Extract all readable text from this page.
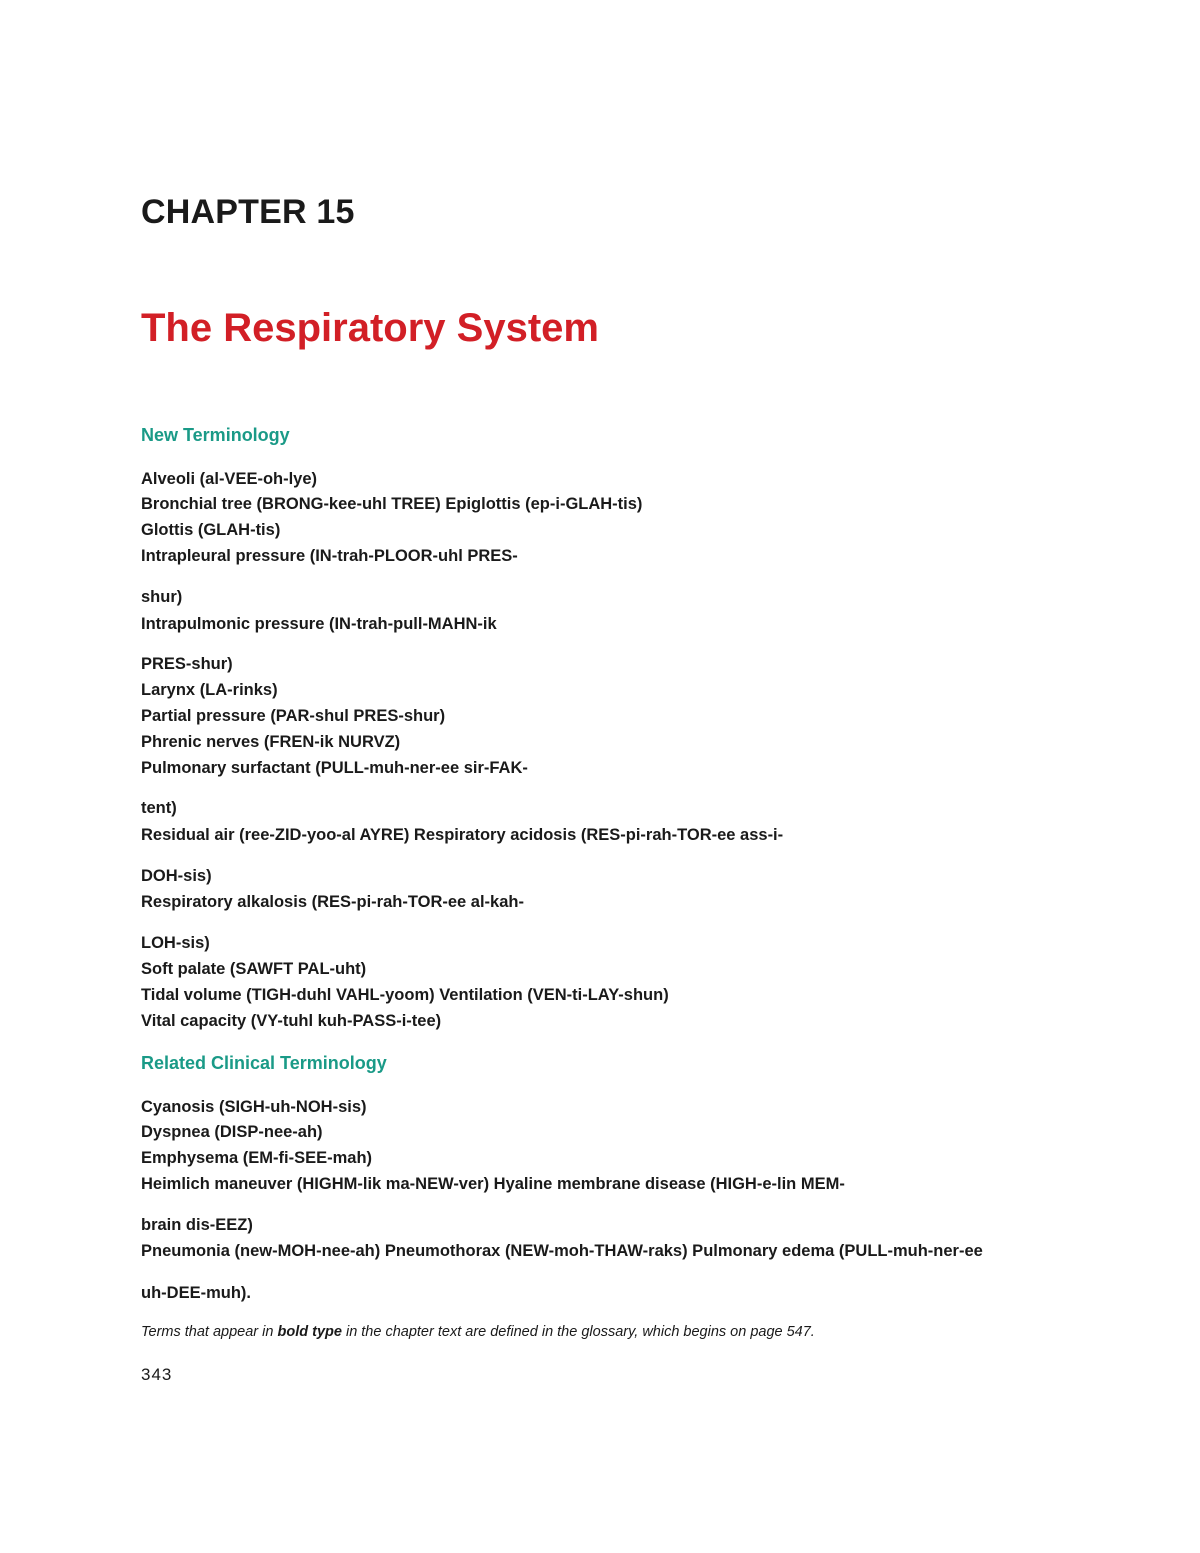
CHAPTER 15
The Respiratory System
New Terminology
Alveoli (al-VEE-oh-lye)
Bronchial tree (BRONG-kee-uhl TREE) Epiglottis (ep-i-GLAH-tis)
Glottis (GLAH-tis)
Intrapleural pressure (IN-trah-PLOOR-uhl PRES-
shur)
Intrapulmonic pressure (IN-trah-pull-MAHN-ik
PRES-shur)
Larynx (LA-rinks)
Partial pressure (PAR-shul PRES-shur)
Phrenic nerves (FREN-ik NURVZ)
Pulmonary surfactant (PULL-muh-ner-ee sir-FAK-
tent)
Residual air (ree-ZID-yoo-al AYRE) Respiratory acidosis (RES-pi-rah-TOR-ee ass-i-
DOH-sis)
Respiratory alkalosis (RES-pi-rah-TOR-ee al-kah-
LOH-sis)
Soft palate (SAWFT PAL-uht)
Tidal volume (TIGH-duhl VAHL-yoom) Ventilation (VEN-ti-LAY-shun)
Vital capacity (VY-tuhl kuh-PASS-i-tee)
Related Clinical Terminology
Cyanosis (SIGH-uh-NOH-sis)
Dyspnea (DISP-nee-ah)
Emphysema (EM-fi-SEE-mah)
Heimlich maneuver (HIGHM-lik ma-NEW-ver) Hyaline membrane disease (HIGH-e-lin MEM-
brain dis-EEZ)
Pneumonia (new-MOH-nee-ah) Pneumothorax (NEW-moh-THAW-raks) Pulmonary edema (PULL-muh-ner-ee
uh-DEE-muh).
Terms that appear in bold type in the chapter text are defined in the glossary, which begins on page 547.
343
